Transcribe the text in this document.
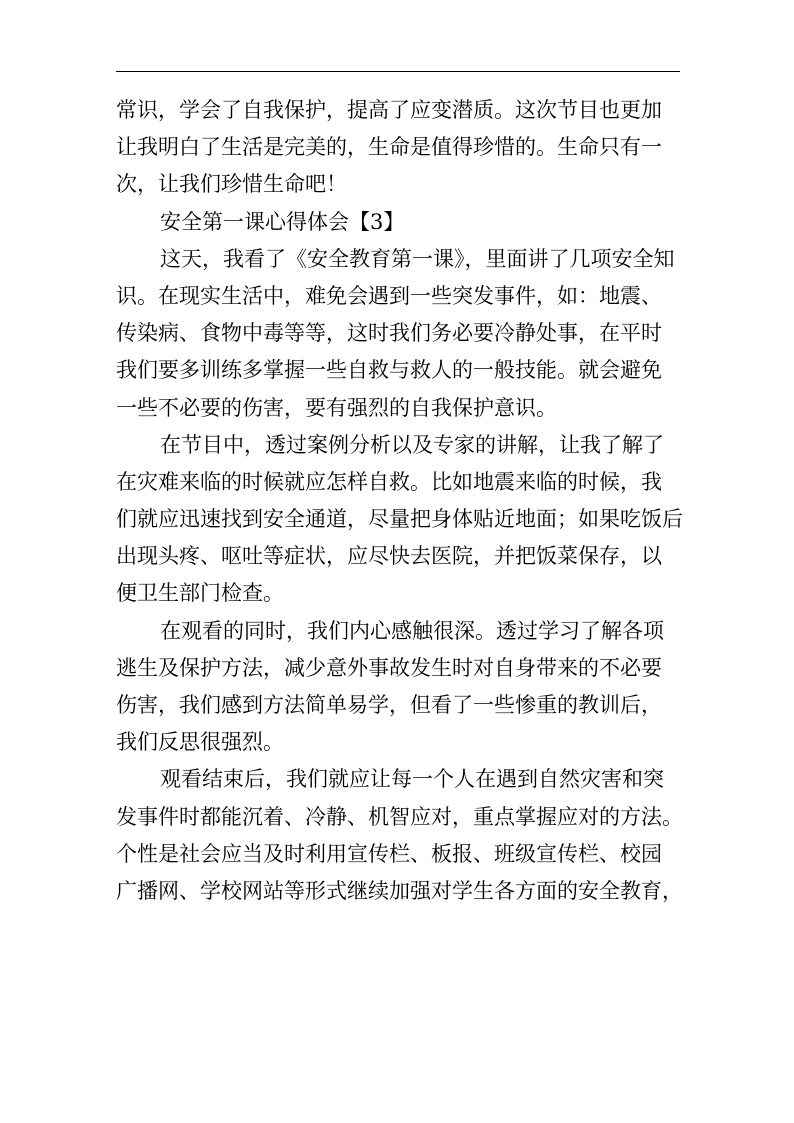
常识，学会了自我保护，提高了应变潜质。这次节目也更加
让我明白了生活是完美的，生命是值得珍惜的。生命只有一
次，让我们珍惜生命吧！
安全第一课心得体会【3】
这天，我看了《安全教育第一课》，里面讲了几项安全知
识。在现实生活中，难免会遇到一些突发事件，如：地震、
传染病、食物中毒等等，这时我们务必要冷静处事，在平时
我们要多训练多掌握一些自救与救人的一般技能。就会避免
一些不必要的伤害，要有强烈的自我保护意识。
在节目中，透过案例分析以及专家的讲解，让我了解了
在灾难来临的时候就应怎样自救。比如地震来临的时候，我
们就应迅速找到安全通道，尽量把身体贴近地面；如果吃饭后
出现头疼、呕吐等症状，应尽快去医院，并把饭菜保存，以
便卫生部门检查。
在观看的同时，我们内心感触很深。透过学习了解各项
逃生及保护方法，减少意外事故发生时对自身带来的不必要
伤害，我们感到方法简单易学，但看了一些惨重的教训后，
我们反思很强烈。
观看结束后，我们就应让每一个人在遇到自然灾害和突
发事件时都能沉着、冷静、机智应对，重点掌握应对的方法。
个性是社会应当及时利用宣传栏、板报、班级宣传栏、校园
广播网、学校网站等形式继续加强对学生各方面的安全教育，
